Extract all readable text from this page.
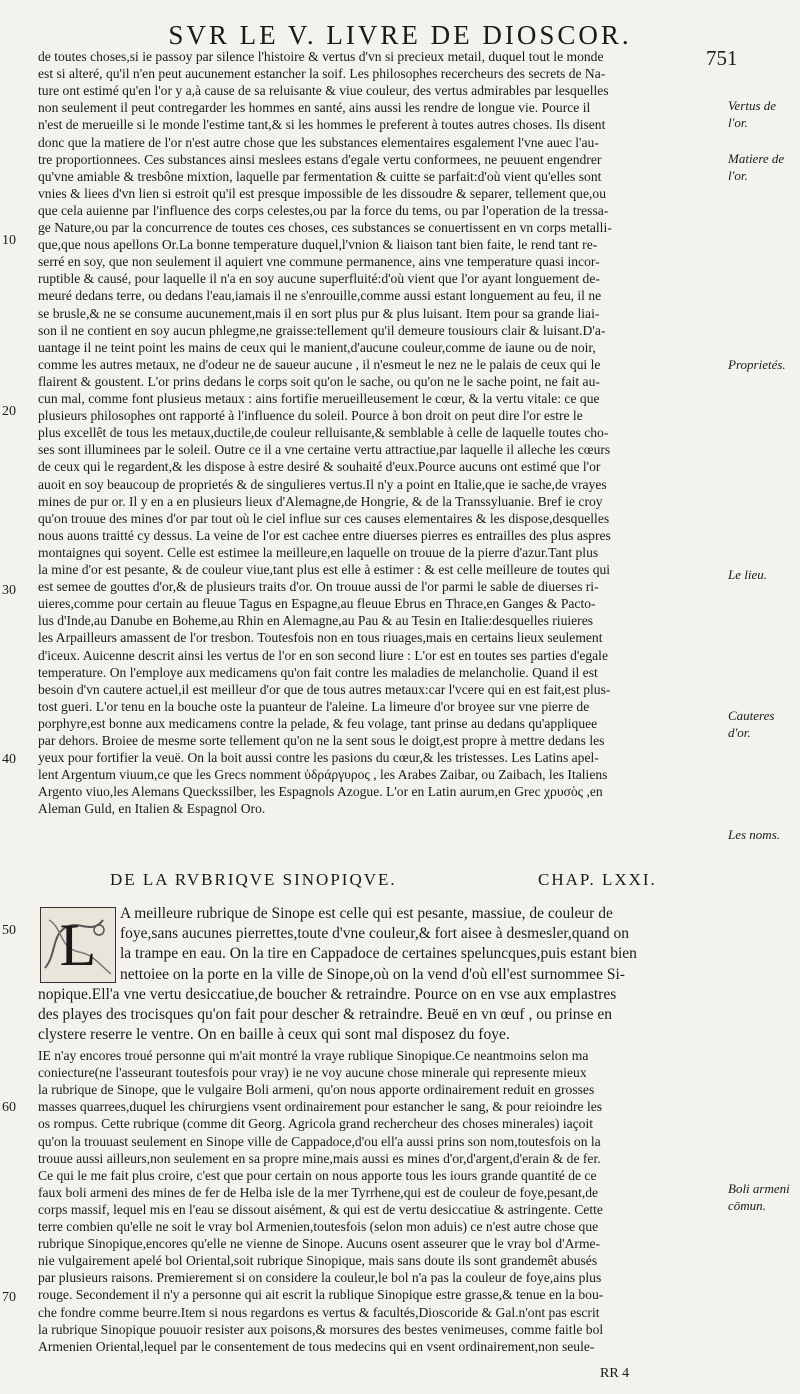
SVR LE V. LIVRE DE DIOSCOR.
751
de toutes choses,si ie passoy par silence l'histoire & vertus d'vn si precieux metail, duquel tout le monde
est si alteré, qu'il n'en peut aucunement estancher la soif. Les philosophes recercheurs des secrets de Na-
ture ont estimé qu'en l'or y a,à cause de sa reluisante & viue couleur, des vertus admirables par lesquelles
non seulement il peut contregarder les hommes en santé, ains aussi les rendre de longue vie. Pource il
n'est de merueille si le monde l'estime tant,& si les hommes le preferent à toutes autres choses. Ils disent
donc que la matiere de l'or n'est autre chose que les substances elementaires esgalement l'vne auec l'au-
tre proportionnees. Ces substances ainsi meslees estans d'egale vertu conformees, ne peuuent engendrer
qu'vne amiable & tresbône mixtion, laquelle par fermentation & cuitte se parfait:d'où vient qu'elles sont
vnies & liees d'vn lien si estroit qu'il est presque impossible de les dissoudre & separer, tellement que,ou
que cela auienne par l'influence des corps celestes,ou par la force du tems, ou par l'operation de la tressa-
ge Nature,ou par la concurrence de toutes ces choses, ces substances se conuertissent en vn corps metalli-
que,que nous apellons Or.La bonne temperature duquel,l'vnion & liaison tant bien faite, le rend tant re-
serré en soy, que non seulement il aquiert vne commune permanence, ains vne temperature quasi incor-
ruptible & causé, pour laquelle il n'a en soy aucune superfluité:d'où vient que l'or ayant longuement de-
meuré dedans terre, ou dedans l'eau,iamais il ne s'enrouille,comme aussi estant longuement au feu, il ne
se brusle,& ne se consume aucunement,mais il en sort plus pur & plus luisant. Item pour sa grande liai-
son il ne contient en soy aucun phlegme,ne graisse:tellement qu'il demeure tousiours clair & luisant.D'a-
uantage il ne teint point les mains de ceux qui le manient,d'aucune couleur,comme de iaune ou de noir,
comme les autres metaux, ne d'odeur ne de saueur aucune , il n'esmeut le nez ne le palais de ceux qui le
flairent & goustent. L'or prins dedans le corps soit qu'on le sache, ou qu'on ne le sache point, ne fait au-
cun mal, comme font plusieus metaux : ains fortifie merueilleusement le cœur, & la vertu vitale: ce que
plusieurs philosophes ont rapporté à l'influence du soleil. Pource à bon droit on peut dire l'or estre le
plus excellêt de tous les metaux,ductile,de couleur relluisante,& semblable à celle de laquelle toutes cho-
ses sont illuminees par le soleil. Outre ce il a vne certaine vertu attractiue,par laquelle il alleche les cœurs
de ceux qui le regardent,& les dispose à estre desiré & souhaité d'eux.Pource aucuns ont estimé que l'or
auoit en soy beaucoup de proprietés & de singulieres vertus.Il n'y a point en Italie,que ie sache,de vrayes
mines de pur or. Il y en a en plusieurs lieux d'Alemagne,de Hongrie, & de la Transsyluanie. Bref ie croy
qu'on trouue des mines d'or par tout où le ciel influe sur ces causes elementaires & les dispose,desquelles
nous auons traitté cy dessus. La veine de l'or est cachee entre diuerses pierres es entrailles des plus aspres
montaignes qui soyent. Celle est estimee la meilleure,en laquelle on trouue de la pierre d'azur.Tant plus
la mine d'or est pesante, & de couleur viue,tant plus est elle à estimer : & est celle meilleure de toutes qui
est semee de gouttes d'or,& de plusieurs traits d'or. On trouue aussi de l'or parmi le sable de diuerses ri-
uieres,comme pour certain au fleuue Tagus en Espagne,au fleuue Ebrus en Thrace,en Ganges & Pacto-
lus d'Inde,au Danube en Boheme,au Rhin en Alemagne,au Pau & au Tesin en Italie:desquelles riuieres
les Arpailleurs amassent de l'or tresbon. Toutesfois non en tous riuages,mais en certains lieux seulement
d'iceux. Auicenne descrit ainsi les vertus de l'or en son second liure : L'or est en toutes ses parties d'egale
temperature. On l'employe aux medicamens qu'on fait contre les maladies de melancholie. Quand il est
besoin d'vn cautere actuel,il est meilleur d'or que de tous autres metaux:car l'vcere qui en est fait,est plus-
tost gueri. L'or tenu en la bouche oste la puanteur de l'aleine. La limeure d'or broyee sur vne pierre de
porphyre,est bonne aux medicamens contre la pelade, & feu volage, tant prinse au dedans qu'appliquee
par dehors. Broiee de mesme sorte tellement qu'on ne la sent sous le doigt,est propre à mettre dedans les
yeux pour fortifier la veuë. On la boit aussi contre les pasions du cœur,& les tristesses. Les Latins apel-
lent Argentum viuum,ce que les Grecs nomment ὑδράργυρος , les Arabes Zaibar, ou Zaibach, les Italiens
Argento viuo,les Alemans Queckssilber, les Espagnols Azogue. L'or en Latin aurum,en Grec χρυσὸς ,en
Aleman Guld, en Italien & Espagnol Oro.
DE LA RVBRIQVE SINOPIQVE.	CHAP. LXXI.
L	A meilleure rubrique de Sinope est celle qui est pesante, massiue, de couleur de
foye,sans aucunes pierrettes,toute d'vne couleur,& fort aisee à desmesler,quand on
la trampe en eau. On la tire en Cappadoce de certaines speluncques,puis estant bien
nettoiee on la porte en la ville de Sinope,où on la vend d'où ell'est surnommee Si-
nopique.Ell'a vne vertu desiccatiue,de boucher & retraindre. Pource on en vse aux emplastres
des playes des trocisques qu'on fait pour descher & retraindre. Beuë en vn œuf , ou prinse en
clystere reserre le ventre. On en baille à ceux qui sont mal disposez du foye.
IE n'ay encores troué personne qui m'ait montré la vraye rublique Sinopique.Ce neantmoins selon ma
coniecture(ne l'asseurant toutesfois pour vray) ie ne voy aucune chose minerale qui represente mieux
la rubrique de Sinope, que le vulgaire Boli armeni, qu'on nous apporte ordinairement reduit en grosses
masses quarrees,duquel les chirurgiens vsent ordinairement pour estancher le sang, & pour reioindre les
os rompus. Cette rubrique (comme dit Georg. Agricola grand rechercheur des choses minerales) iaçoit
qu'on la trouuast seulement en Sinope ville de Cappadoce,d'ou ell'a aussi prins son nom,toutesfois on la
trouue aussi ailleurs,non seulement en sa propre mine,mais aussi es mines d'or,d'argent,d'erain & de fer.
Ce qui le me fait plus croire, c'est que pour certain on nous apporte tous les iours grande quantité de ce
faux boli armeni des mines de fer de Helba isle de la mer Tyrrhene,qui est de couleur de foye,pesant,de
corps massif, lequel mis en l'eau se dissout aisément, & qui est de vertu desiccatiue & astringente. Cette
terre combien qu'elle ne soit le vray bol Armenien,toutesfois (selon mon aduis) ce n'est autre chose que
rubrique Sinopique,encores qu'elle ne vienne de Sinope. Aucuns osent asseurer que le vray bol d'Arme-
nie vulgairement apelé bol Oriental,soit rubrique Sinopique, mais sans doute ils sont grandemêt abusés
par plusieurs raisons. Premierement si on considere la couleur,le bol n'a pas la couleur de foye,ains plus
rouge. Secondement il n'y a personne qui ait escrit la rublique Sinopique estre grasse,& tenue en la bou-
che fondre comme beurre.Item si nous regardons es vertus & facultés,Dioscoride & Gal.n'ont pas escrit
la rubrique Sinopique pouuoir resister aux poisons,& morsures des bestes venimeuses, comme faitle bol
Armenien Oriental,lequel par le consentement de tous medecins qui en vsent ordinairement,non seule-
Vertus de l'or.
Matiere de l'or.
Proprietés.
Le lieu.
Cauteres d'or.
Les noms.
Boli armeni cōmun.
10
20
30
40
50
60
70
RR 4
